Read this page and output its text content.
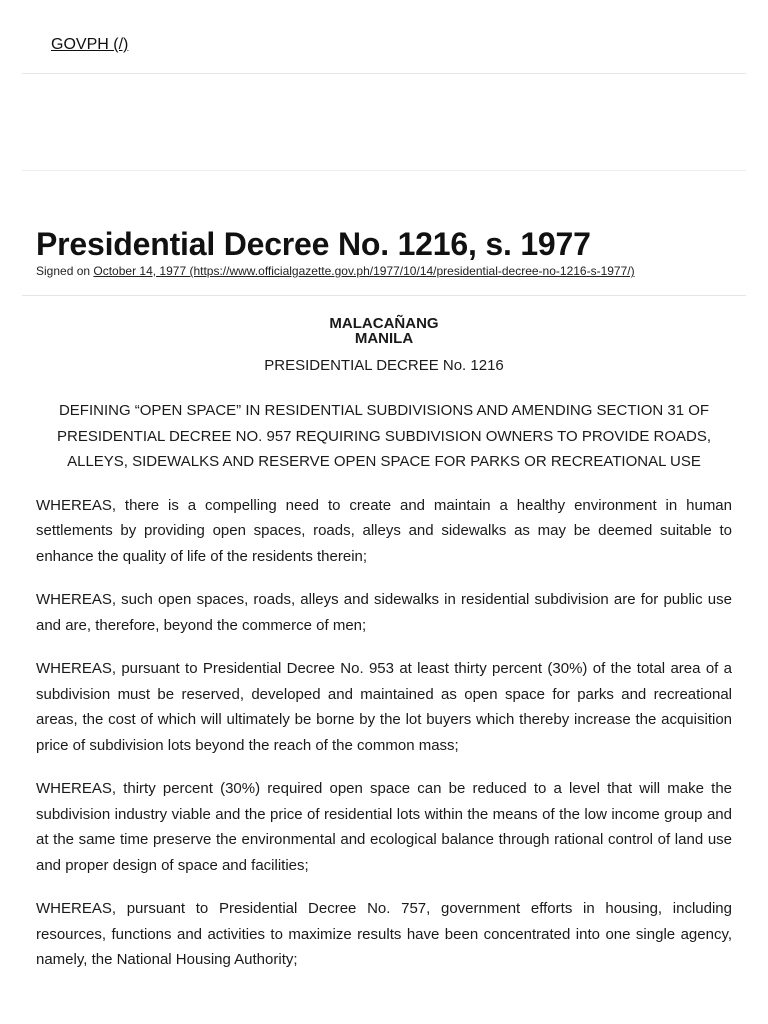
GOVPH (/)
Presidential Decree No. 1216, s. 1977
Signed on October 14, 1977 (https://www.officialgazette.gov.ph/1977/10/14/presidential-decree-no-1216-s-1977/)

MALACAÑANG

MANILA

PRESIDENTIAL DECREE No. 1216

DEFINING “OPEN SPACE” IN RESIDENTIAL SUBDIVISIONS AND AMENDING SECTION 31 OF PRESIDENTIAL DECREE NO. 957 REQUIRING SUBDIVISION OWNERS TO PROVIDE ROADS, ALLEYS, SIDEWALKS AND RESERVE OPEN SPACE FOR PARKS OR RECREATIONAL USE

WHEREAS, there is a compelling need to create and maintain a healthy environment in human settlements by providing open spaces, roads, alleys and sidewalks as may be deemed suitable to enhance the quality of life of the residents therein;

WHEREAS, such open spaces, roads, alleys and sidewalks in residential subdivision are for public use and are, therefore, beyond the commerce of men;

WHEREAS, pursuant to Presidential Decree No. 953 at least thirty percent (30%) of the total area of a subdivision must be reserved, developed and maintained as open space for parks and recreational areas, the cost of which will ultimately be borne by the lot buyers which thereby increase the acquisition price of subdivision lots beyond the reach of the common mass;

WHEREAS, thirty percent (30%) required open space can be reduced to a level that will make the subdivision industry viable and the price of residential lots within the means of the low income group and at the same time preserve the environmental and ecological balance through rational control of land use and proper design of space and facilities;

WHEREAS, pursuant to Presidential Decree No. 757, government efforts in housing, including resources, functions and activities to maximize results have been concentrated into one single agency, namely, the National Housing Authority;
